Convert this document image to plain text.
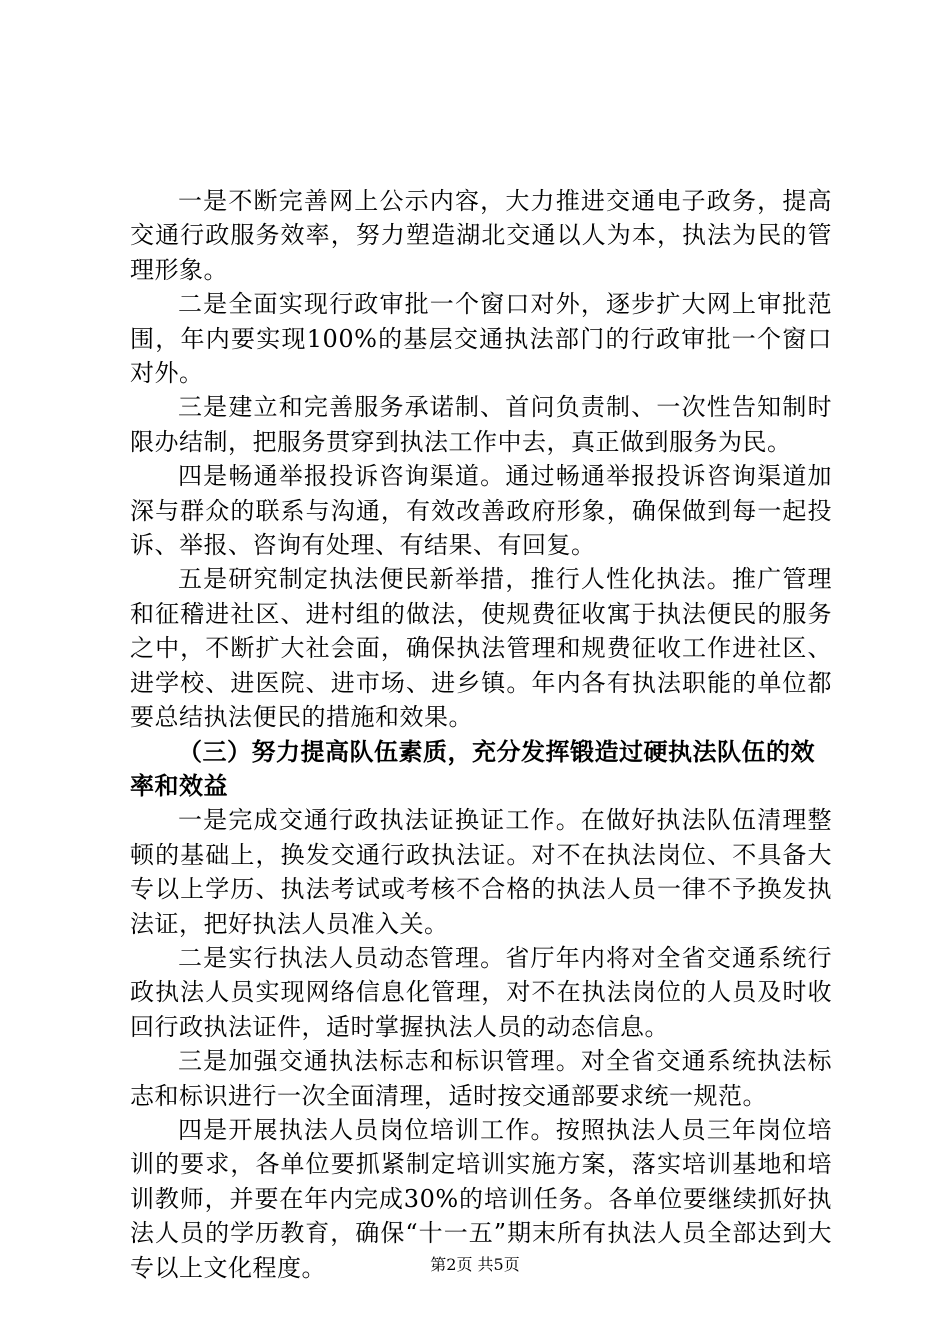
一是不断完善网上公示内容，大力推进交通电子政务，提高交通行政服务效率，努力塑造湖北交通以人为本，执法为民的管理形象。

二是全面实现行政审批一个窗口对外，逐步扩大网上审批范围，年内要实现100%的基层交通执法部门的行政审批一个窗口对外。

三是建立和完善服务承诺制、首问负责制、一次性告知制时限办结制，把服务贯穿到执法工作中去，真正做到服务为民。

四是畅通举报投诉咨询渠道。通过畅通举报投诉咨询渠道加深与群众的联系与沟通，有效改善政府形象，确保做到每一起投诉、举报、咨询有处理、有结果、有回复。

五是研究制定执法便民新举措，推行人性化执法。推广管理和征稽进社区、进村组的做法，使规费征收寓于执法便民的服务之中，不断扩大社会面，确保执法管理和规费征收工作进社区、进学校、进医院、进市场、进乡镇。年内各有执法职能的单位都要总结执法便民的措施和效果。

（三）努力提高队伍素质，充分发挥锻造过硬执法队伍的效率和效益

一是完成交通行政执法证换证工作。在做好执法队伍清理整顿的基础上，换发交通行政执法证。对不在执法岗位、不具备大专以上学历、执法考试或考核不合格的执法人员一律不予换发执法证，把好执法人员准入关。

二是实行执法人员动态管理。省厅年内将对全省交通系统行政执法人员实现网络信息化管理，对不在执法岗位的人员及时收回行政执法证件，适时掌握执法人员的动态信息。

三是加强交通执法标志和标识管理。对全省交通系统执法标志和标识进行一次全面清理，适时按交通部要求统一规范。

四是开展执法人员岗位培训工作。按照执法人员三年岗位培训的要求，各单位要抓紧制定培训实施方案，落实培训基地和培训教师，并要在年内完成30%的培训任务。各单位要继续抓好执法人员的学历教育，确保“十一五”期末所有执法人员全部达到大专以上文化程度。	第2页 共5页
